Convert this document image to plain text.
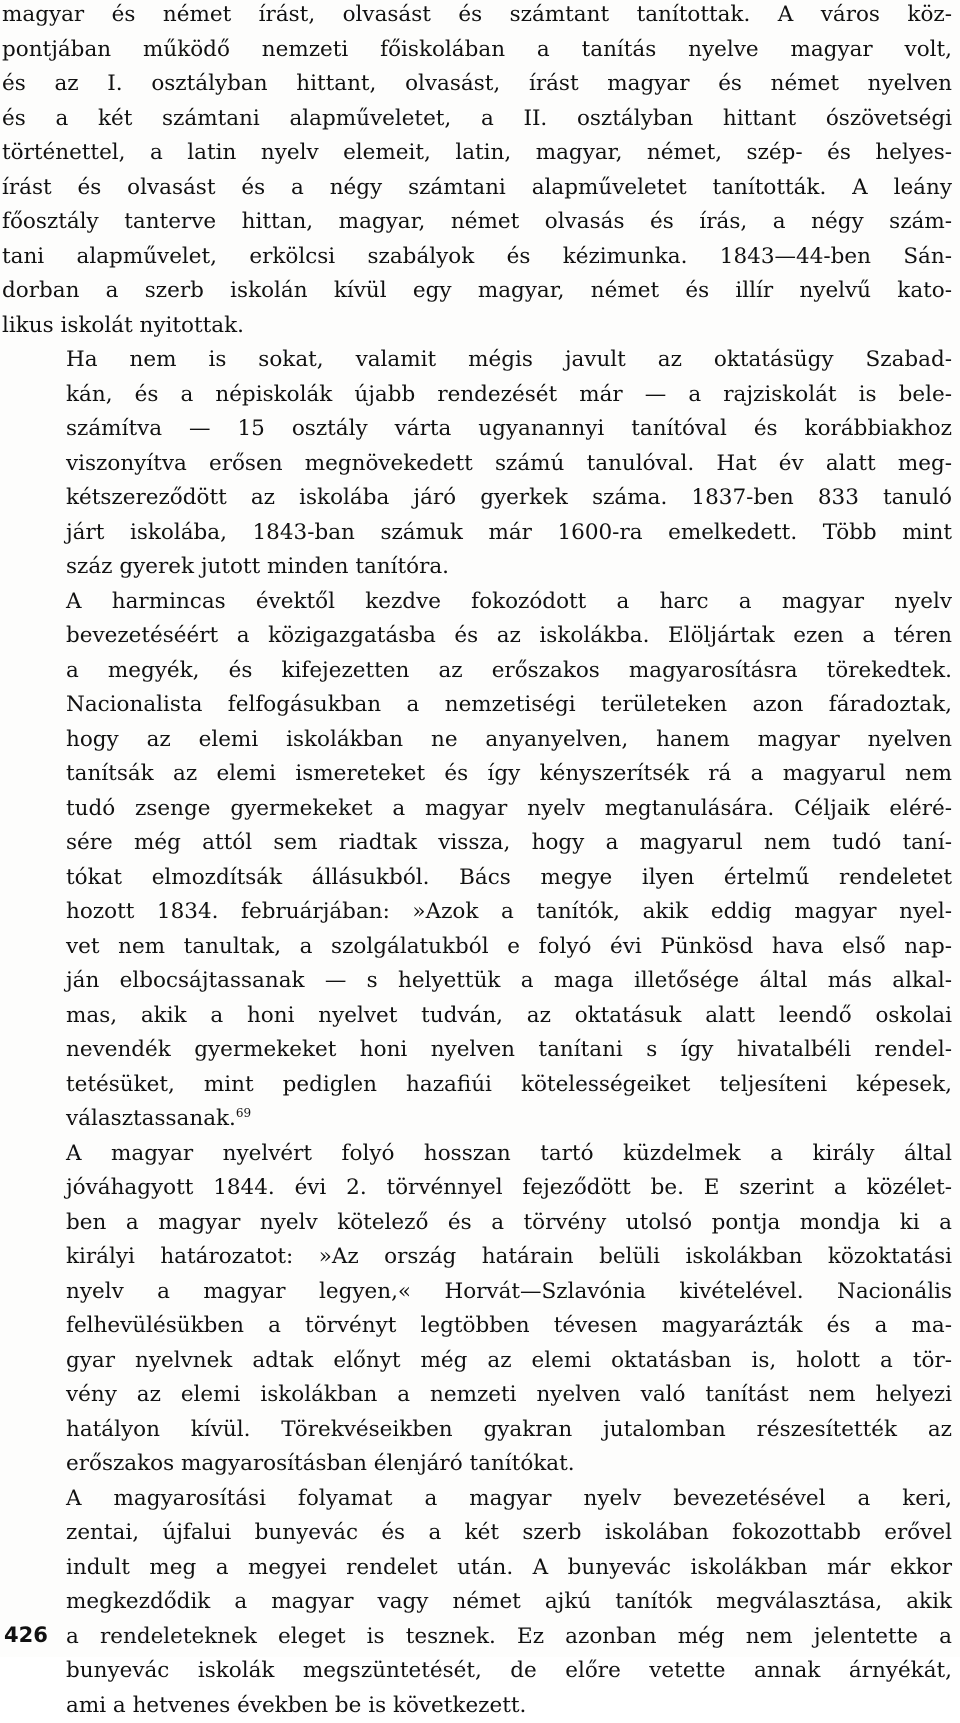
magyar és német írást, olvasást és számtant tanítottak. A város köz-
pontjában működő nemzeti főiskolában a tanítás nyelve magyar volt,
és az I. osztályban hittant, olvasást, írást magyar és német nyelven
és a két számtani alapműveletet, a II. osztályban hittant ószövetségi
történettel, a latin nyelv elemeit, latin, magyar, német, szép- és helyes-
írást és olvasást és a négy számtani alapműveletet tanították. A leány
főosztály tanterve hittan, magyar, német olvasás és írás, a négy szám-
tani alapművelet, erkölcsi szabályok és kézimunka. 1843—44-ben Sán-
dorban a szerb iskolán kívül egy magyar, német és illír nyelvű kato-
likus iskolát nyitottak.

Ha nem is sokat, valamit mégis javult az oktatásügy Szabad-
kán, és a népiskolák újabb rendezését már — a rajziskolát is bele-
számítva — 15 osztály várta ugyanannyi tanítóval és korábbiakhoz
viszonyítva erősen megnövekedett számú tanulóval. Hat év alatt meg-
kétszereződött az iskolába járó gyerkek száma. 1837-ben 833 tanuló
járt iskolába, 1843-ban számuk már 1600-ra emelkedett. Több mint
száz gyerek jutott minden tanítóra.

A harmincas évektől kezdve fokozódott a harc a magyar nyelv
bevezetéséért a közigazgatásba és az iskolákba. Elöljártak ezen a téren
a megyék, és kifejezetten az erőszakos magyarosításra törekedtek.
Nacionalista felfogásukban a nemzetiségi területeken azon fáradoztak,
hogy az elemi iskolákban ne anyanyelven, hanem magyar nyelven
tanítsák az elemi ismereteket és így kényszerítsék rá a magyarul nem
tudó zsenge gyermekeket a magyar nyelv megtanulására. Céljaik eléré-
sére még attól sem riadtak vissza, hogy a magyarul nem tudó taní-
tókat elmozdítsák állásukból. Bács megye ilyen értelmű rendeletet
hozott 1834. februárjában: »Azok a tanítók, akik eddig magyar nyel-
vet nem tanultak, a szolgálatukból e folyó évi Pünkösd hava első nap-
ján elbocsájtassanak — s helyettük a maga illetősége által más alkal-
mas, akik a honi nyelvet tudván, az oktatásuk alatt leendő oskolai
nevendék gyermekeket honi nyelven tanítani s így hivatalbéli rendel-
tetésüket, mint pediglen hazafiúi kötelességeiket teljesíteni képesek,
választassanak.$^{69}$

A magyar nyelvért folyó hosszan tartó küzdelmek a király által
jóváhagyott 1844. évi 2. törvénnyel fejeződött be. E szerint a közélet-
ben a magyar nyelv kötelező és a törvény utolsó pontja mondja ki a
királyi határozatot: »Az ország határain belüli iskolákban közoktatási
nyelv a magyar legyen,« Horvát—Szlavónia kivételével. Nacionális
felhevülésükben a törvényt legtöbben tévesen magyarázták és a ma-
gyar nyelvnek adtak előnyt még az elemi oktatásban is, holott a tör-
vény az elemi iskolákban a nemzeti nyelven való tanítást nem helyezi
hatályon kívül. Törekvéseikben gyakran jutalomban részesítették az
erőszakos magyarosításban élenjáró tanítókat.

A magyarosítási folyamat a magyar nyelv bevezetésével a keri,
zentai, újfalui bunyevác és a két szerb iskolában fokozottabb erővel
indult meg a megyei rendelet után. A bunyevác iskolákban már ekkor
megkezdődik a magyar vagy német ajkú tanítók megválasztása, akik
a rendeleteknek eleget is tesznek. Ez azonban még nem jelentette a
bunyevác iskolák megszüntetését, de előre vetette annak árnyékát,
ami a hetvenes években be is következett.

426
